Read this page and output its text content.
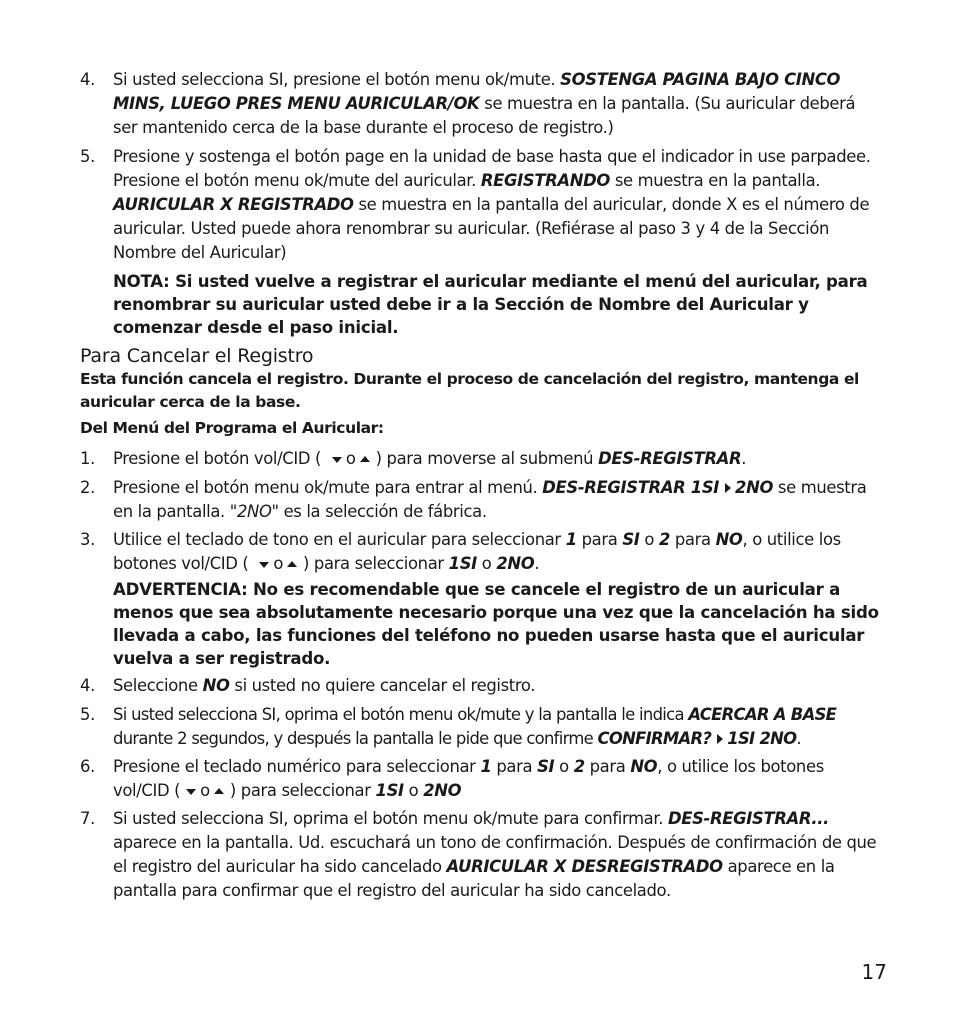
4.	Si usted selecciona SI, presione el botón menu ok/mute. SOSTENGA PAGINA BAJO CINCO MINS, LUEGO PRES MENU AURICULAR/OK se muestra en la pantalla. (Su auricular deberá ser mantenido cerca de la base durante el proceso de registro.)
5.	Presione y sostenga el botón page en la unidad de base hasta que el indicador in use parpadee. Presione el botón menu ok/mute del auricular. REGISTRANDO se muestra en la pantalla. AURICULAR X REGISTRADO se muestra en la pantalla del auricular, donde X es el número de auricular. Usted puede ahora renombrar su auricular. (Refiérase al paso 3 y 4 de la Sección Nombre del Auricular)
NOTA: Si usted vuelve a registrar el auricular mediante el menú del auricular, para renombrar su auricular usted debe ir a la Sección de Nombre del Auricular y comenzar desde el paso inicial.
Para Cancelar el Registro
Esta función cancela el registro. Durante el proceso de cancelación del registro, mantenga el auricular cerca de la base.
Del Menú del Programa el Auricular:
1.	Presione el botón vol/CID ( o ) para moverse al submenú DES-REGISTRAR.
2.	Presione el botón menu ok/mute para entrar al menú. DES-REGISTRAR 1SI 2NO se muestra en la pantalla. "2NO" es la selección de fábrica.
3.	Utilice el teclado de tono en el auricular para seleccionar 1 para SI o 2 para NO, o utilice los botones vol/CID ( o ) para seleccionar 1SI o 2NO.
ADVERTENCIA: No es recomendable que se cancele el registro de un auricular a menos que sea absolutamente necesario porque una vez que la cancelación ha sido llevada a cabo, las funciones del teléfono no pueden usarse hasta que el auricular vuelva a ser registrado.
4.	Seleccione NO si usted no quiere cancelar el registro.
5.	Si usted selecciona SI, oprima el botón menu ok/mute y la pantalla le indica ACERCAR A BASE durante 2 segundos, y después la pantalla le pide que confirme CONFIRMAR? 1SI 2NO.
6.	Presione el teclado numérico para seleccionar 1 para SI o 2 para NO, o utilice los botones vol/CID ( o ) para seleccionar 1SI o 2NO
7.	Si usted selecciona SI, oprima el botón menu ok/mute para confirmar. DES-REGISTRAR... aparece en la pantalla. Ud. escuchará un tono de confirmación. Después de confirmación de que el registro del auricular ha sido cancelado AURICULAR X DESREGISTRADO aparece en la pantalla para confirmar que el registro del auricular ha sido cancelado.
17
